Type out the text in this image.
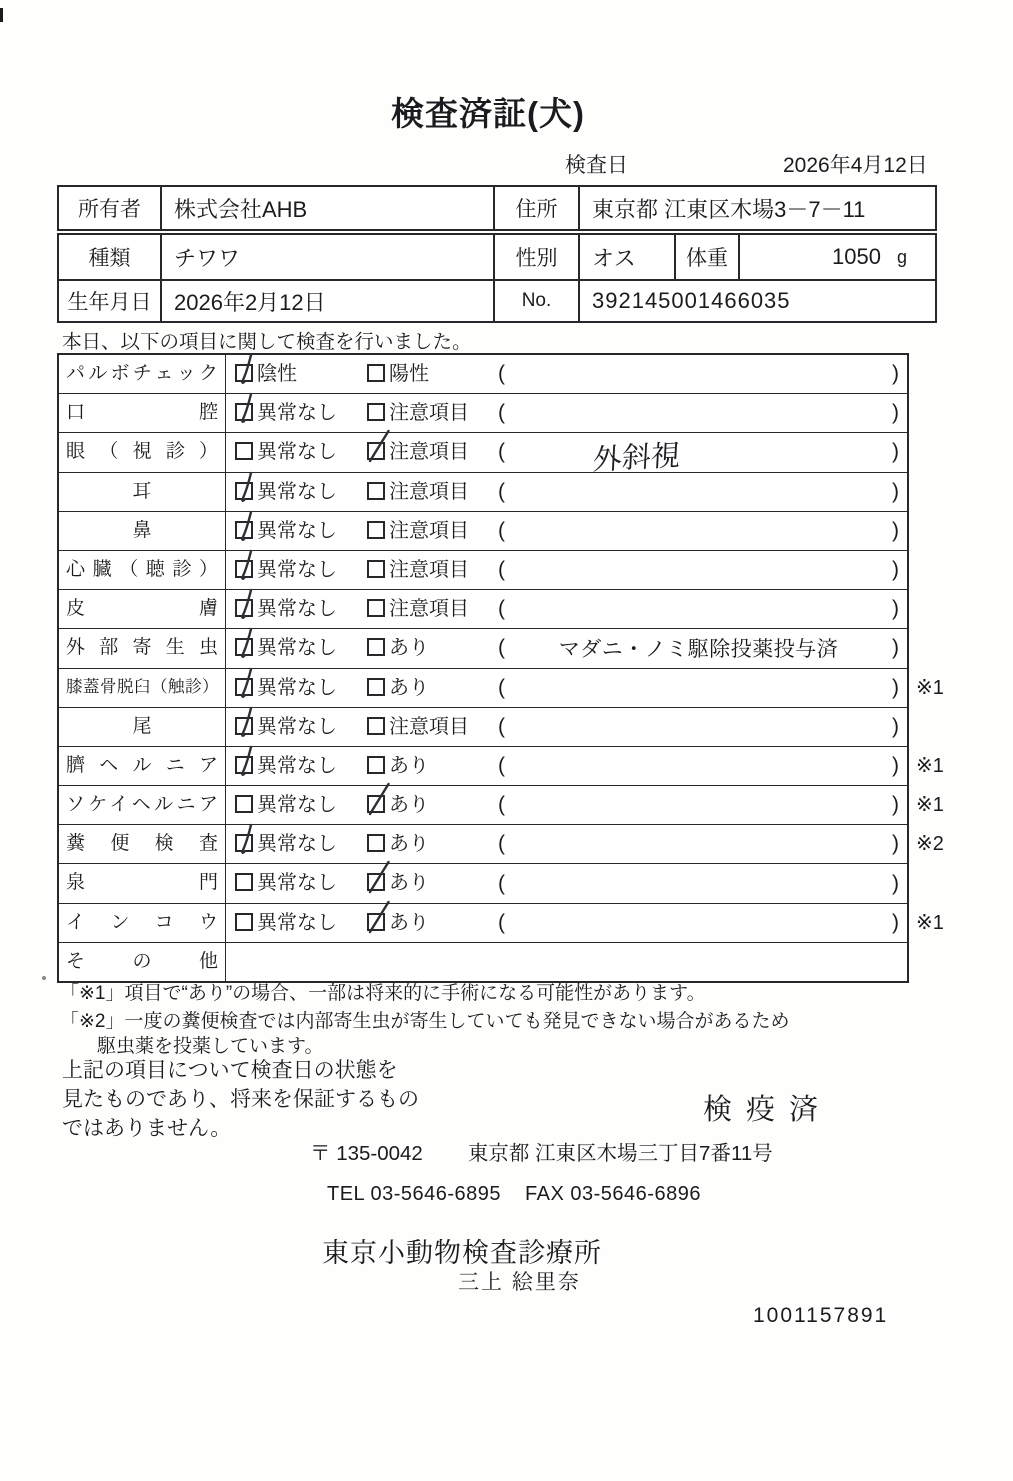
検査済証(犬)
検査日	2026年4月12日
所有者	株式会社AHB	住所	東京都 江東区木場3－7－11
種類	チワワ	性別	オス	体重	1050 g
生年月日	2026年2月12日	No.	392145001466035

本日、以下の項目に関して検査を行いました。

パルボチェック	陰性	陽性	(	)
口腔	異常なし	注意項目 (	)
眼（視診）	異常なし	注意項目 (	外斜視	)
耳	異常なし	注意項目 (	)
鼻	異常なし	注意項目 (	)
心臓（聴診）	異常なし	注意項目 (	)
皮膚	異常なし	注意項目 (	)
外部寄生虫	異常なし	あり	(	マダニ・ノミ駆除投薬投与済	)
膝蓋骨脱臼（触診）	異常なし	あり	(	) ※1
尾	異常なし	注意項目 (	)
臍ヘルニア	異常なし	あり	(	) ※1
ソケイヘルニア	異常なし	あり	(	) ※1
糞便検査	異常なし	あり	(	) ※2
泉門	異常なし	あり	(	)
インコウ	異常なし	あり	(	) ※1
その他

「※1」項目で“あり”の場合、一部は将来的に手術になる可能性があります。

「※2」一度の糞便検査では内部寄生虫が寄生していても発見できない場合があるため

駆虫薬を投薬しています。

上記の項目について検査日の状態を
見たものであり、将来を保証するもの
ではありません。

検疫済
〒 135-0042 東京都 江東区木場三丁目7番11号
TEL 03-5646-6895 FAX 03-5646-6896
東京小動物検査診療所
三上 絵里奈
1001157891
